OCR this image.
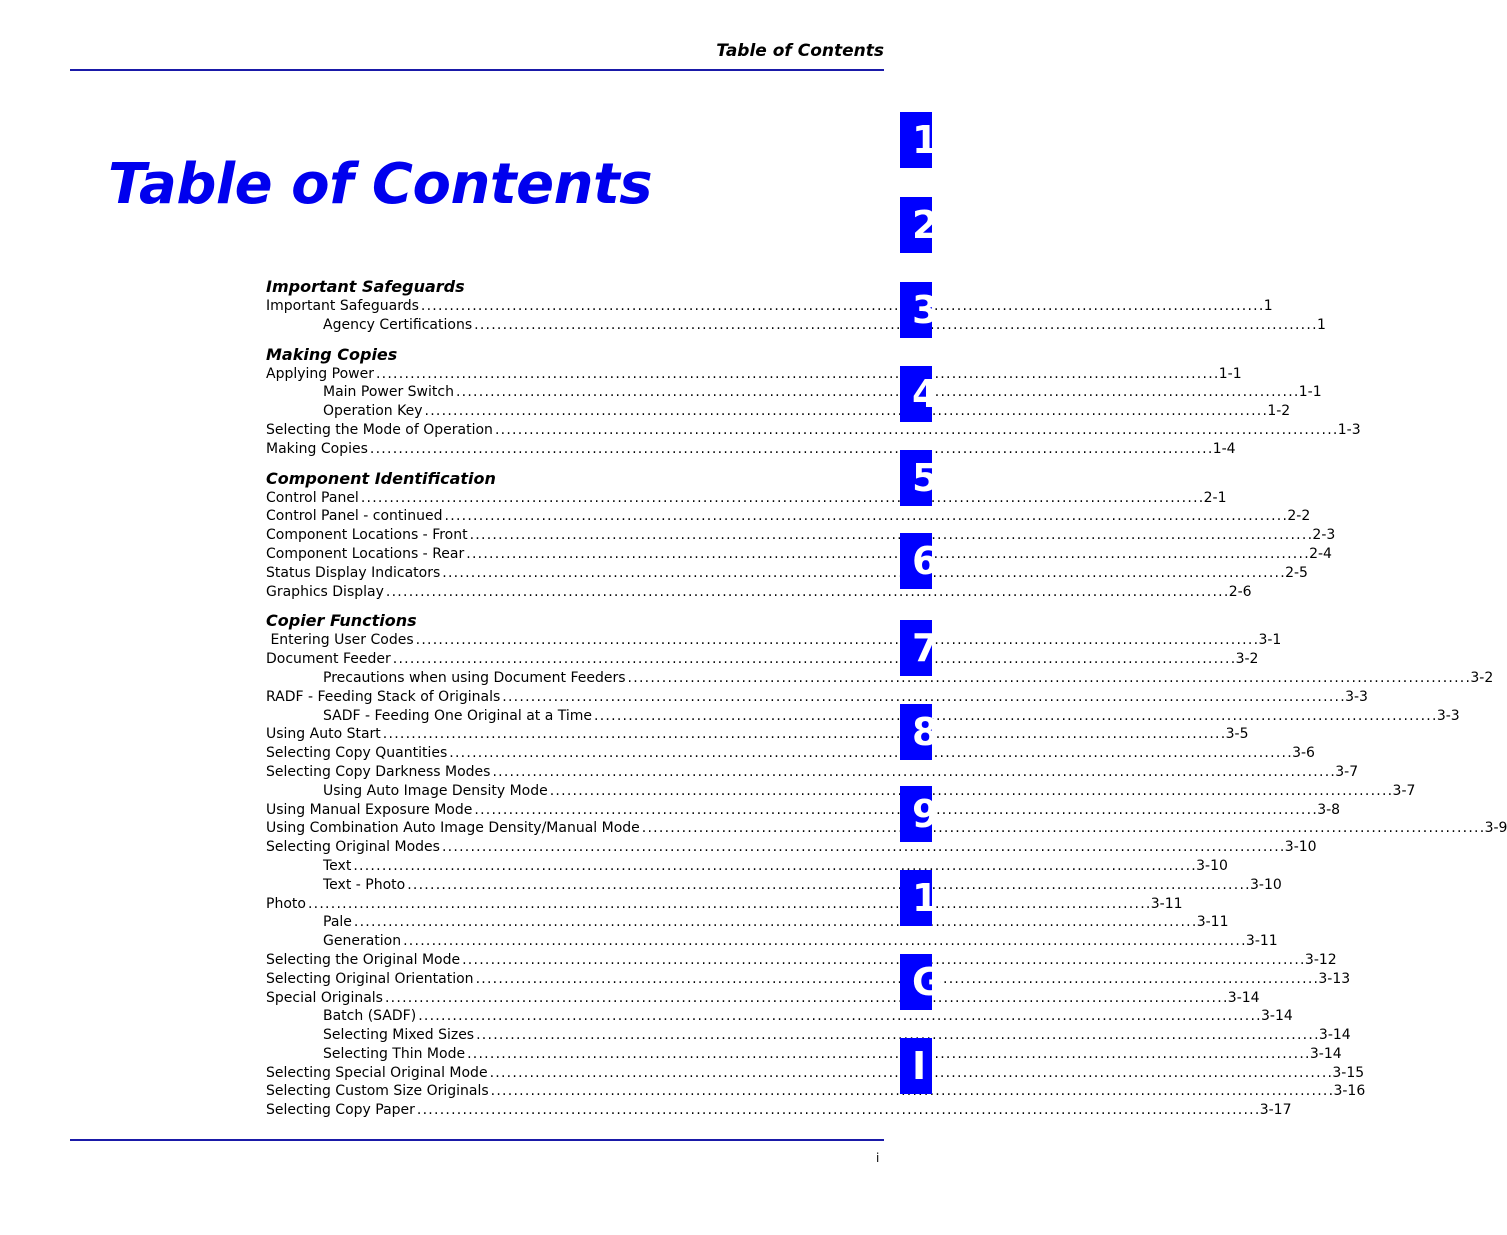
Table of Contents
Table of Contents
Important Safeguards
Important Safeguards . . .	1
Agency Certifications . . .	1
Making Copies
Applying Power . . .	1-1
Main Power Switch . . .	1-1
Operation Key . . .	1-2
Selecting the Mode of Operation . . .	1-3
Making Copies . . .	1-4
Component Identification
Control Panel . . .	2-1
Control Panel - continued . . .	2-2
Component Locations - Front . . .	2-3
Component Locations - Rear . . .	2-4
Status Display Indicators . . .	2-5
Graphics Display . . .	2-6
Copier Functions
Entering User Codes . . .	3-1
Document Feeder . . .	3-2
Precautions when using Document Feeders . . .	3-2
RADF - Feeding Stack of Originals . . .	3-3
SADF - Feeding One Original at a Time . . .	3-3
Using Auto Start . . .	3-5
Selecting Copy Quantities . . .	3-6
Selecting Copy Darkness Modes . . .	3-7
Using Auto Image Density Mode . . .	3-7
Using Manual Exposure Mode . . .	3-8
Using Combination Auto Image Density/Manual Mode . . .	3-9
Selecting Original Modes . . .	3-10
Text . . .	3-10
Text - Photo . . .	3-10
Photo . . .	3-11
Pale . . .	3-11
Generation . . .	3-11
Selecting the Original Mode . . .	3-12
Selecting Original Orientation . . .	3-13
Special Originals . . .	3-14
Batch (SADF) . . .	3-14
Selecting Mixed Sizes . . .	3-14
Selecting Thin Mode . . .	3-14
Selecting Special Original Mode . . .	3-15
Selecting Custom Size Originals . . .	3-16
Selecting Copy Paper . . .	3-17
1
2
3
4
5
6
7
8
9
1
G
I
i
